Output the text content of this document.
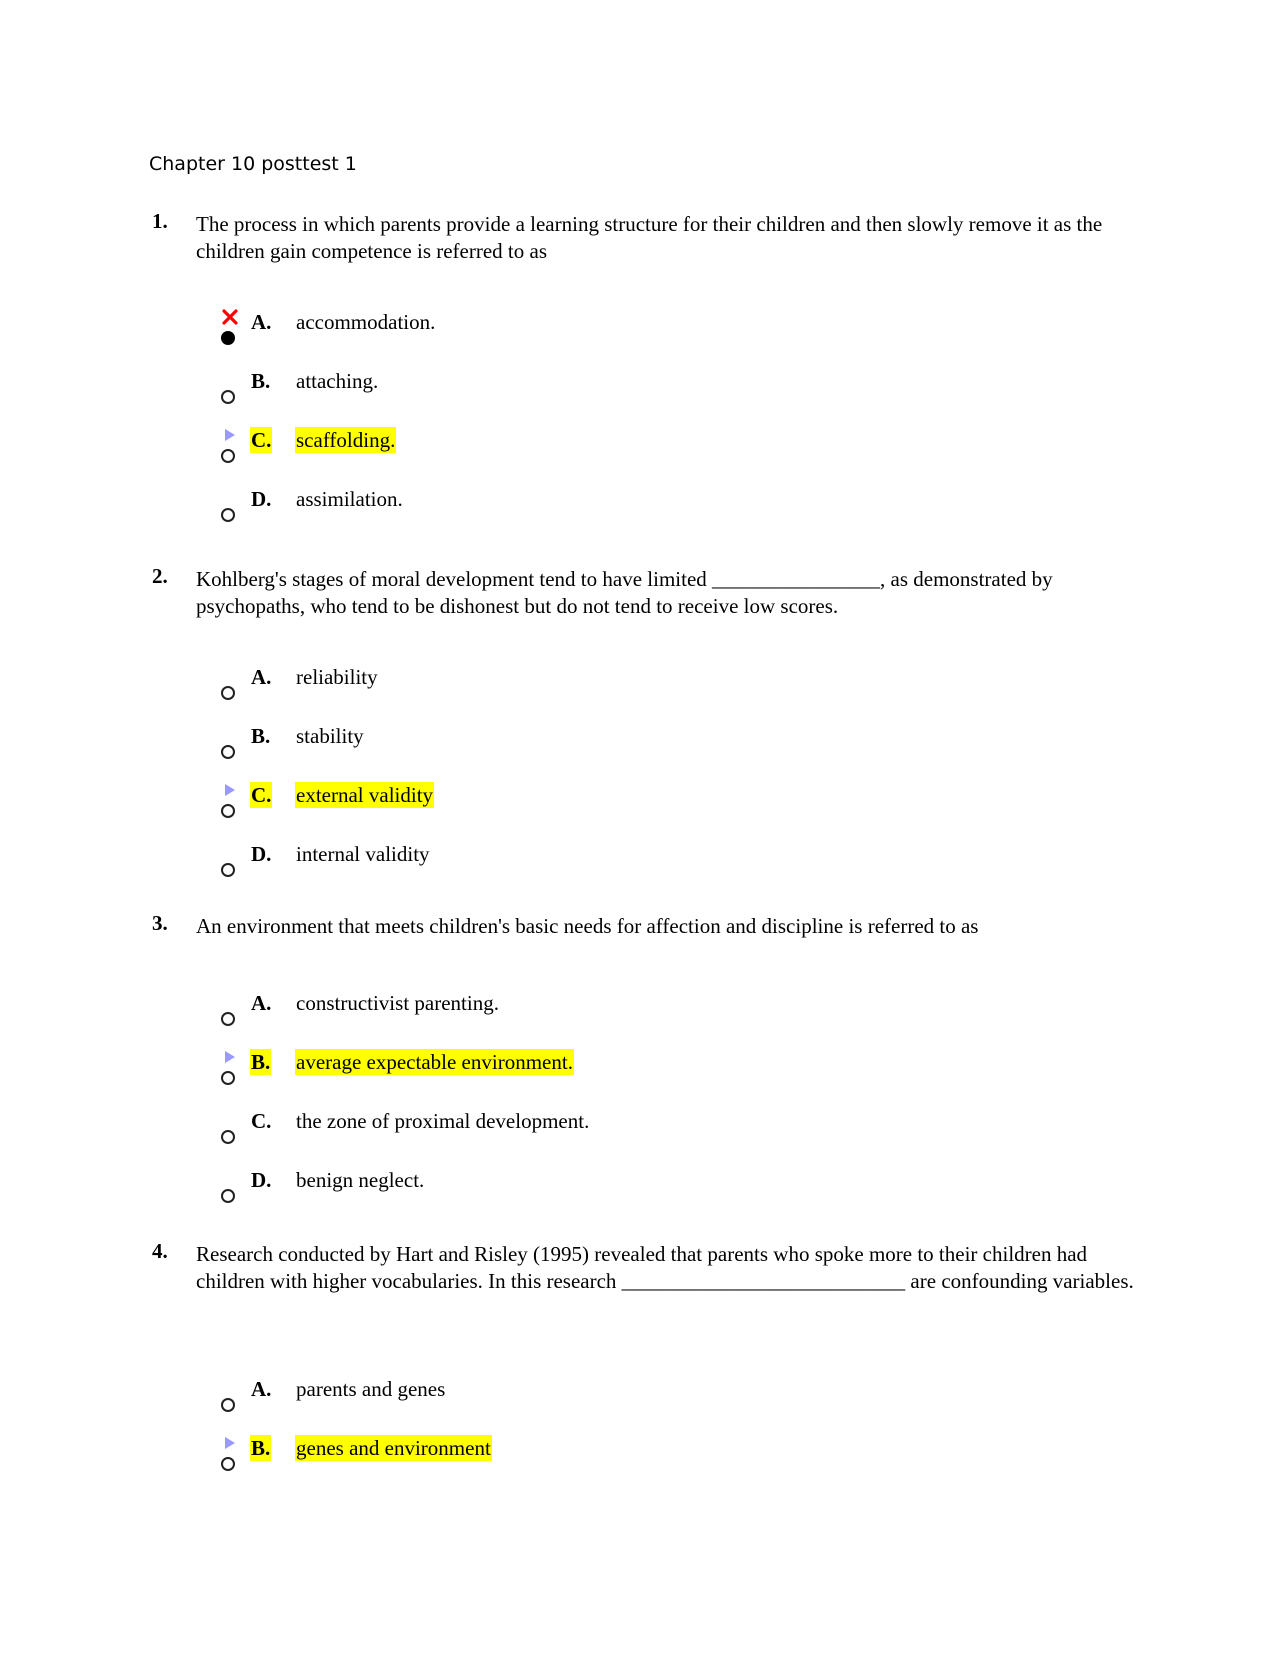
Chapter 10 posttest 1
1. The process in which parents provide a learning structure for their children and then slowly remove it as the children gain competence is referred to as
A. accommodation.
B. attaching.
C. scaffolding.
D. assimilation.
2. Kohlberg's stages of moral development tend to have limited ________________, as demonstrated by psychopaths, who tend to be dishonest but do not tend to receive low scores.
A. reliability
B. stability
C. external validity
D. internal validity
3. An environment that meets children's basic needs for affection and discipline is referred to as
A. constructivist parenting.
B. average expectable environment.
C. the zone of proximal development.
D. benign neglect.
4. Research conducted by Hart and Risley (1995) revealed that parents who spoke more to their children had children with higher vocabularies. In this research ___________________________ are confounding variables.
A. parents and genes
B. genes and environment
